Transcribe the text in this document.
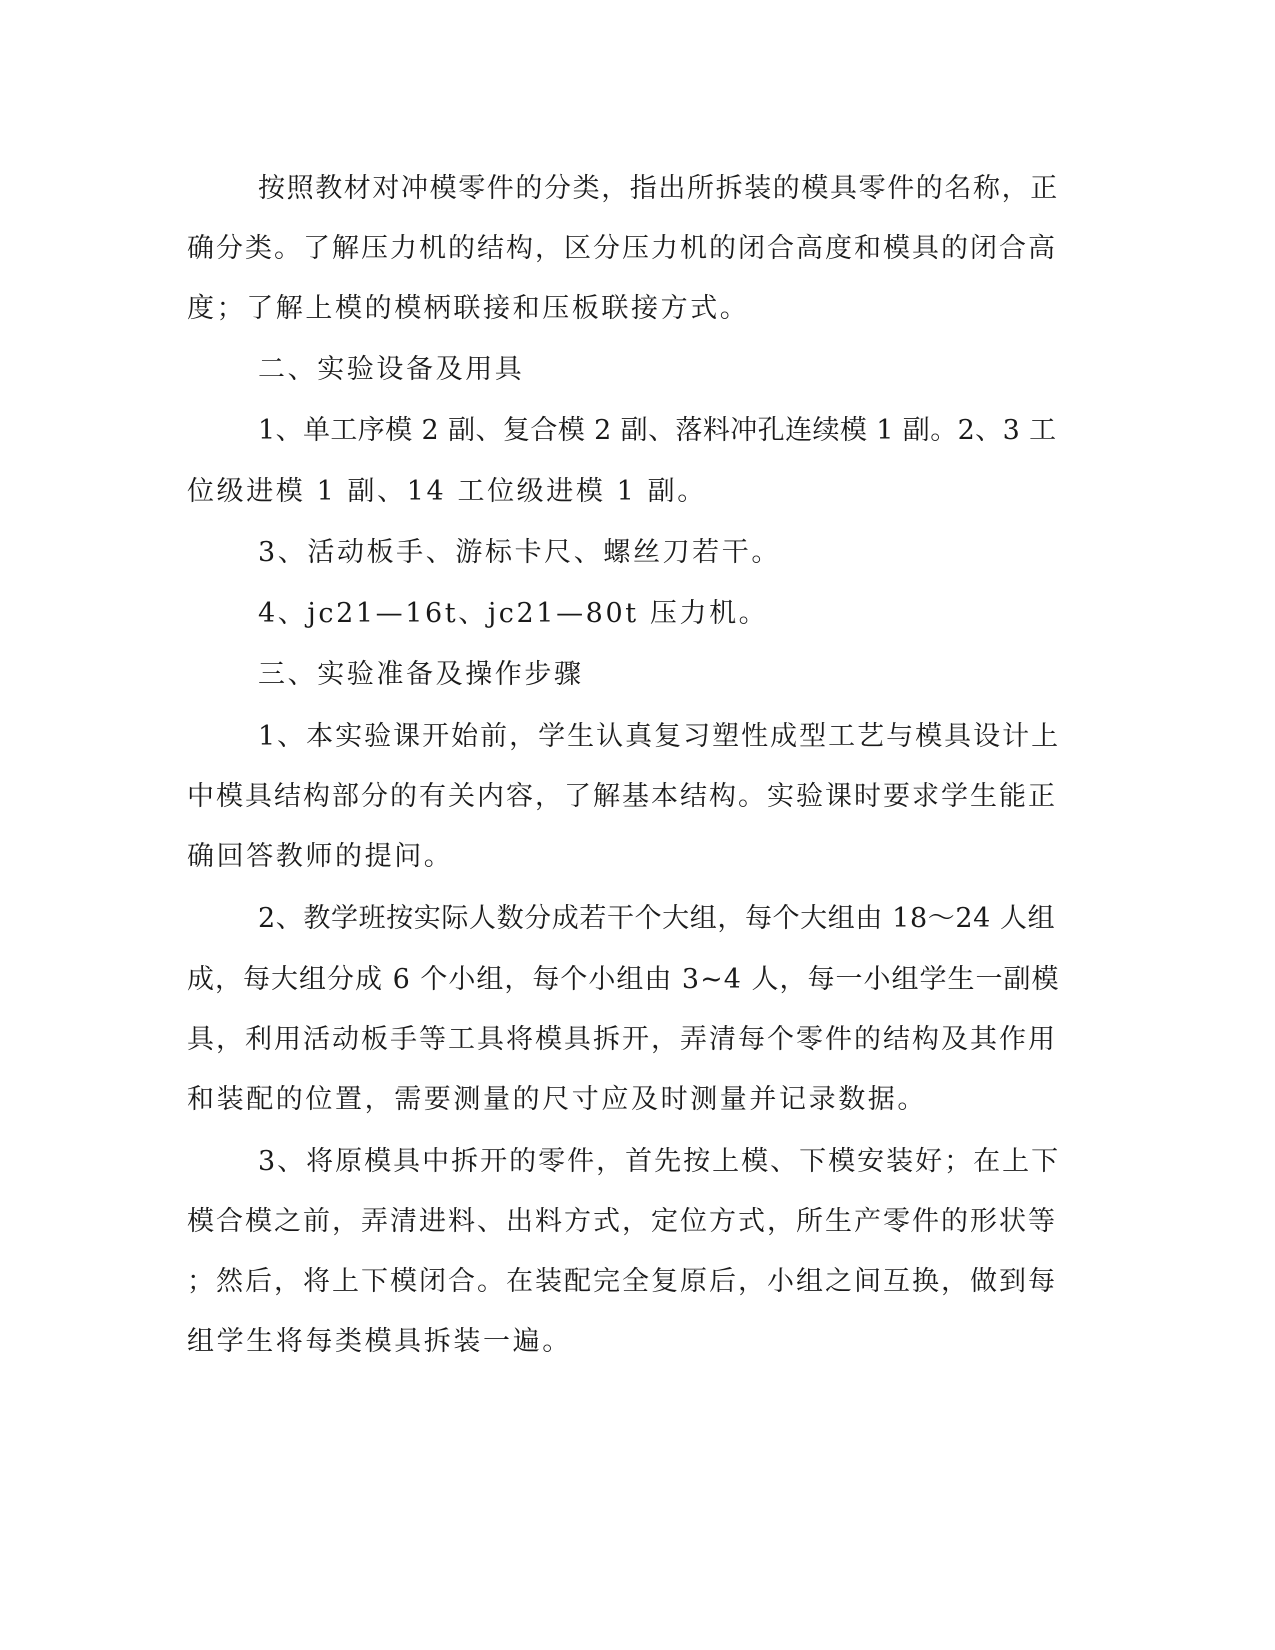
按照教材对冲模零件的分类，指出所拆装的模具零件的名称，正

确分类。了解压力机的结构，区分压力机的闭合高度和模具的闭合高

度；了解上模的模柄联接和压板联接方式。

二、实验设备及用具

1、单工序模 2 副、复合模 2 副、落料冲孔连续模 1 副。2、3 工

位级进模 1 副、14 工位级进模 1 副。

3、活动板手、游标卡尺、螺丝刀若干。

4、jc21—16t、jc21—80t 压力机。

三、实验准备及操作步骤

1、本实验课开始前，学生认真复习塑性成型工艺与模具设计上

中模具结构部分的有关内容，了解基本结构。实验课时要求学生能正

确回答教师的提问。

2、教学班按实际人数分成若干个大组，每个大组由 18～24 人组

成，每大组分成 6 个小组，每个小组由 3~4 人，每一小组学生一副模

具，利用活动板手等工具将模具拆开，弄清每个零件的结构及其作用

和装配的位置，需要测量的尺寸应及时测量并记录数据。

3、将原模具中拆开的零件，首先按上模、下模安装好；在上下

模合模之前，弄清进料、出料方式，定位方式，所生产零件的形状等

；然后，将上下模闭合。在装配完全复原后，小组之间互换，做到每

组学生将每类模具拆装一遍。
